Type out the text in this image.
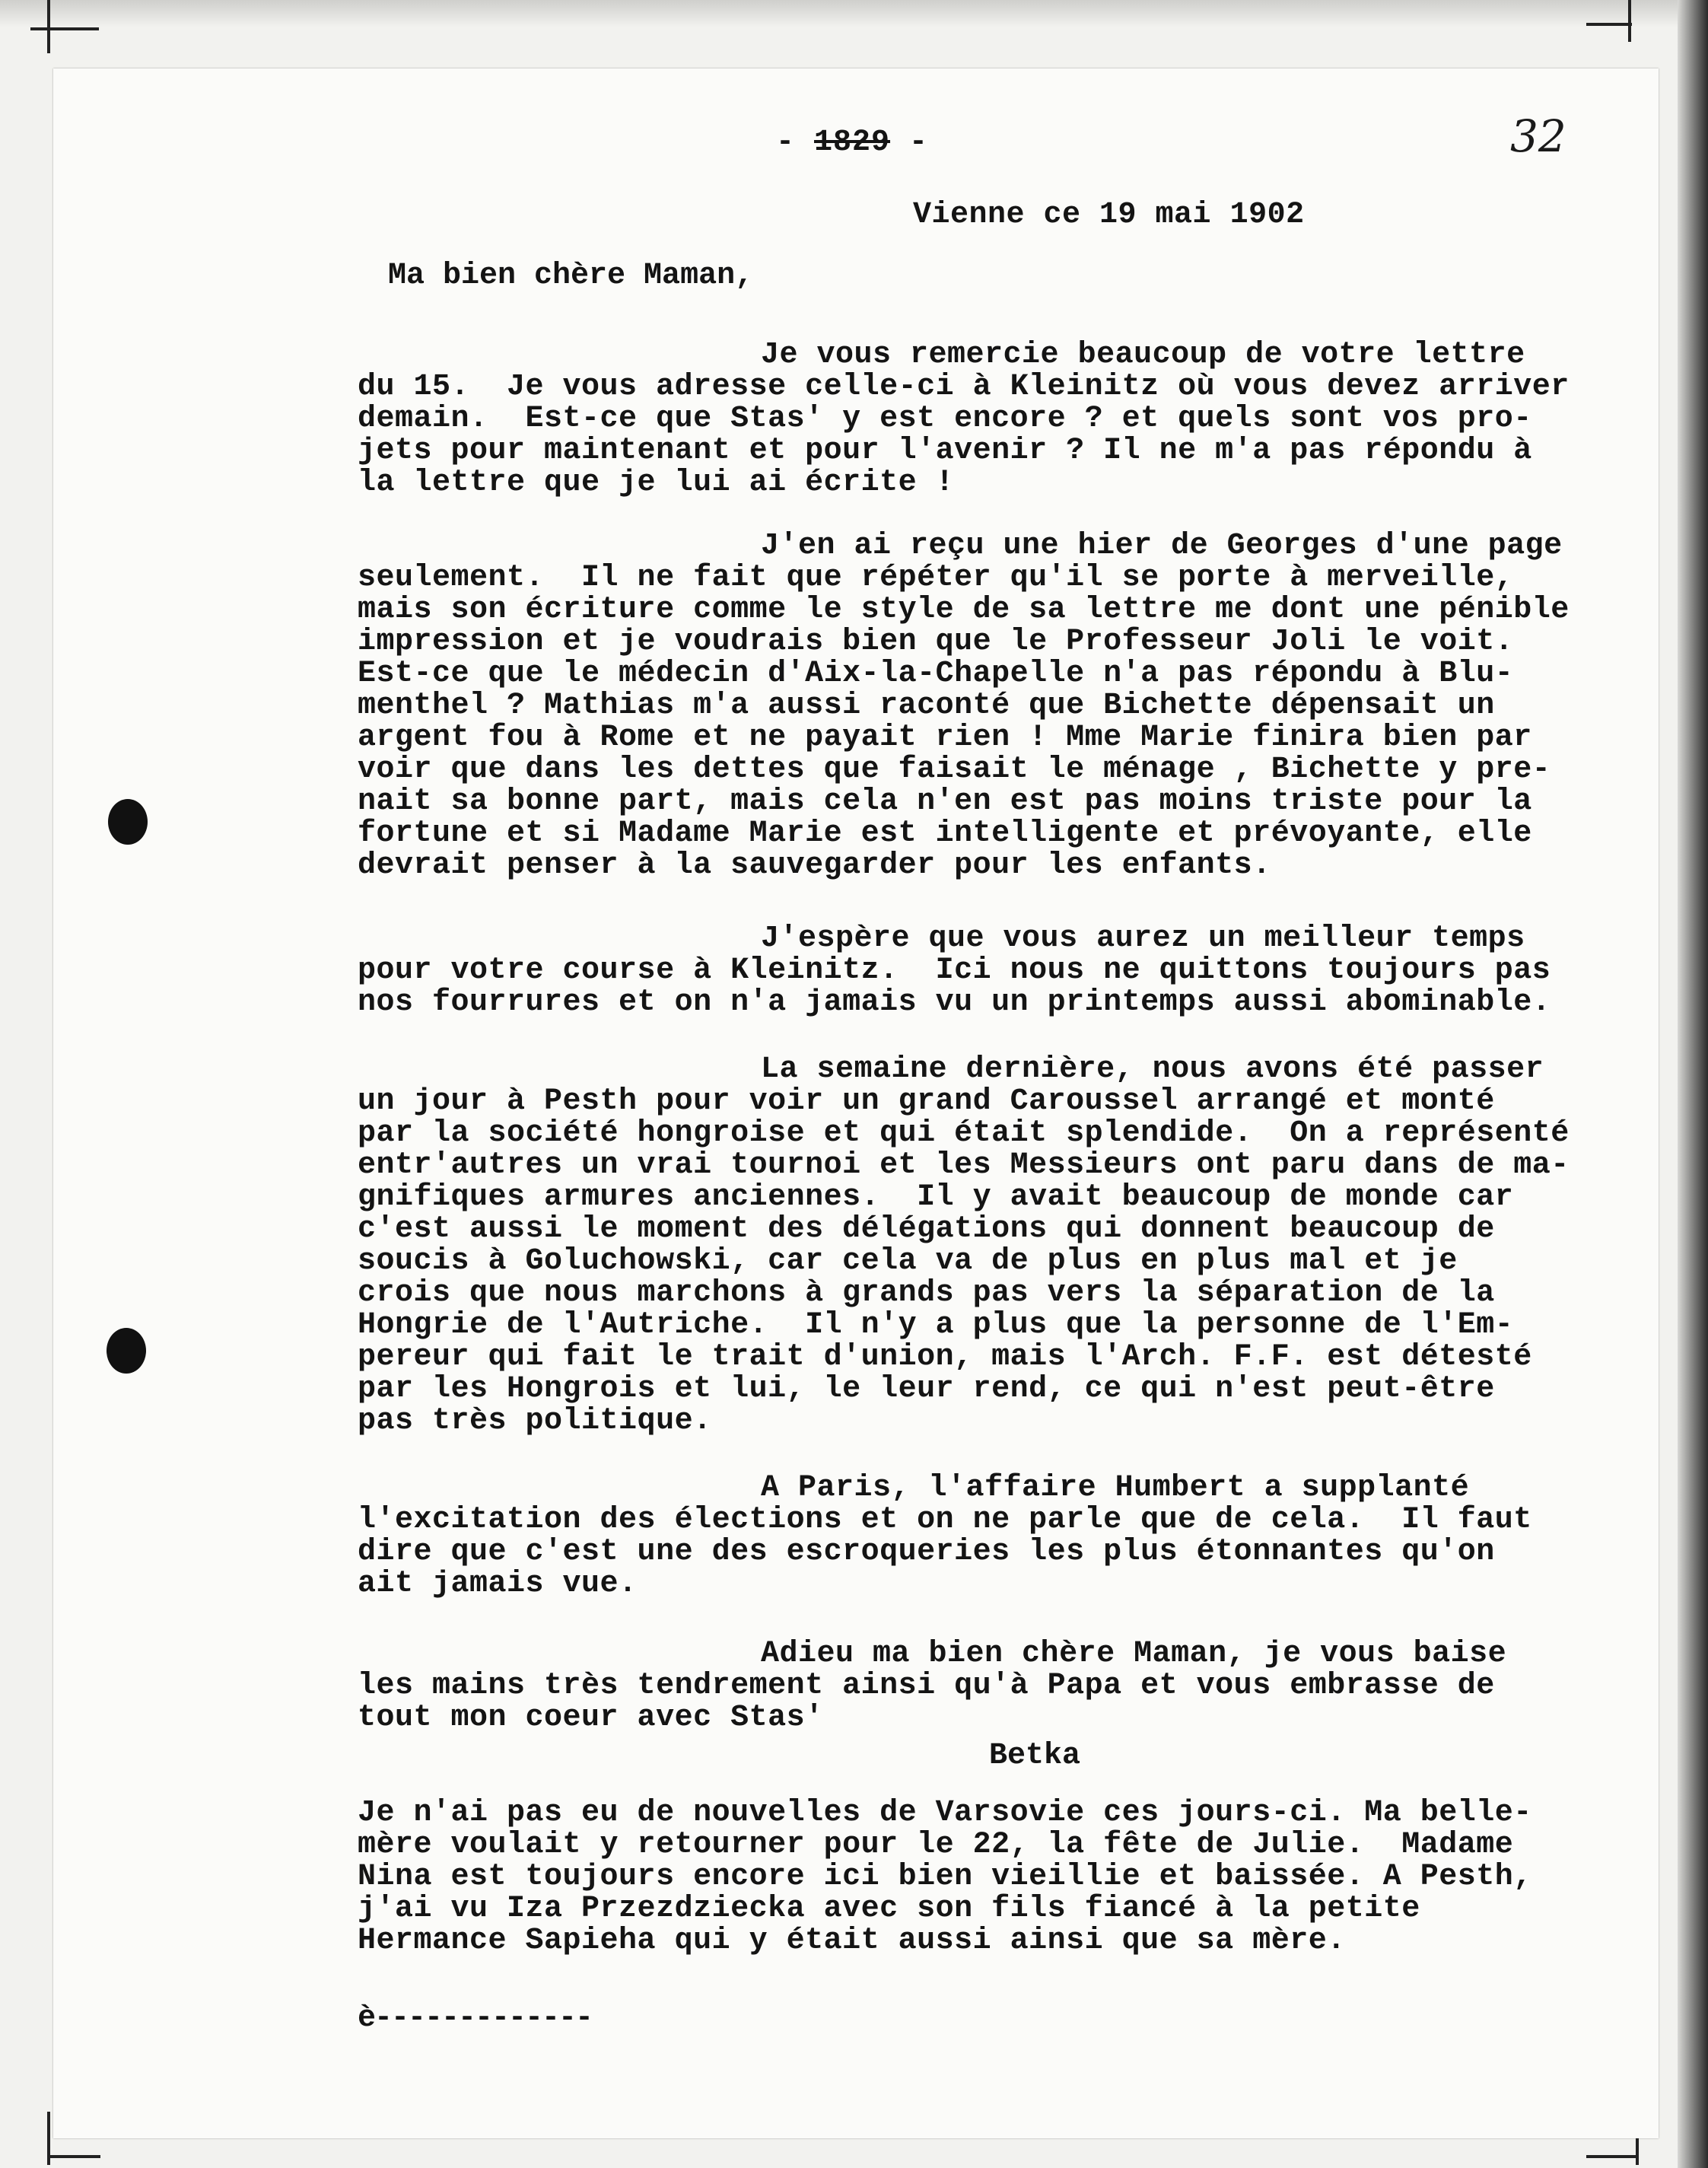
- 1829 -	32
Vienne ce 19 mai 1902
Ma bien chère Maman,
Je vous remercie beaucoup de votre lettre
du 15.  Je vous adresse celle-ci à Kleinitz où vous devez arriver
demain.  Est-ce que Stas' y est encore ? et quels sont vos pro-
jets pour maintenant et pour l'avenir ? Il ne m'a pas répondu à
la lettre que je lui ai écrite !
J'en ai reçu une hier de Georges d'une page
seulement.  Il ne fait que répéter qu'il se porte à merveille,
mais son écriture comme le style de sa lettre me dont une pénible
impression et je voudrais bien que le Professeur Joli le voit.
Est-ce que le médecin d'Aix-la-Chapelle n'a pas répondu à Blu-
menthel ? Mathias m'a aussi raconté que Bichette dépensait un
argent fou à Rome et ne payait rien ! Mme Marie finira bien par
voir que dans les dettes que faisait le ménage , Bichette y pre-
nait sa bonne part, mais cela n'en est pas moins triste pour la
fortune et si Madame Marie est intelligente et prévoyante, elle
devrait penser à la sauvegarder pour les enfants.
J'espère que vous aurez un meilleur temps
pour votre course à Kleinitz.  Ici nous ne quittons toujours pas
nos fourrures et on n'a jamais vu un printemps aussi abominable.
La semaine dernière, nous avons été passer
un jour à Pesth pour voir un grand Caroussel arrangé et monté
par la société hongroise et qui était splendide.  On a représenté
entr'autres un vrai tournoi et les Messieurs ont paru dans de ma-
gnifiques armures anciennes.  Il y avait beaucoup de monde car
c'est aussi le moment des délégations qui donnent beaucoup de
soucis à Goluchowski, car cela va de plus en plus mal et je
crois que nous marchons à grands pas vers la séparation de la
Hongrie de l'Autriche.  Il n'y a plus que la personne de l'Em-
pereur qui fait le trait d'union, mais l'Arch. F.F. est détesté
par les Hongrois et lui, le leur rend, ce qui n'est peut-être
pas très politique.
A Paris, l'affaire Humbert a supplanté
l'excitation des élections et on ne parle que de cela.  Il faut
dire que c'est une des escroqueries les plus étonnantes qu'on
ait jamais vue.
Adieu ma bien chère Maman, je vous baise
les mains très tendrement ainsi qu'à Papa et vous embrasse de
tout mon coeur avec Stas'
Betka
Je n'ai pas eu de nouvelles de Varsovie ces jours-ci. Ma belle-
mère voulait y retourner pour le 22, la fête de Julie.  Madame
Nina est toujours encore ici bien vieillie et baissée. A Pesth,
j'ai vu Iza Przezdziecka avec son fils fiancé à la petite
Hermance Sapieha qui y était aussi ainsi que sa mère.
è-------------
